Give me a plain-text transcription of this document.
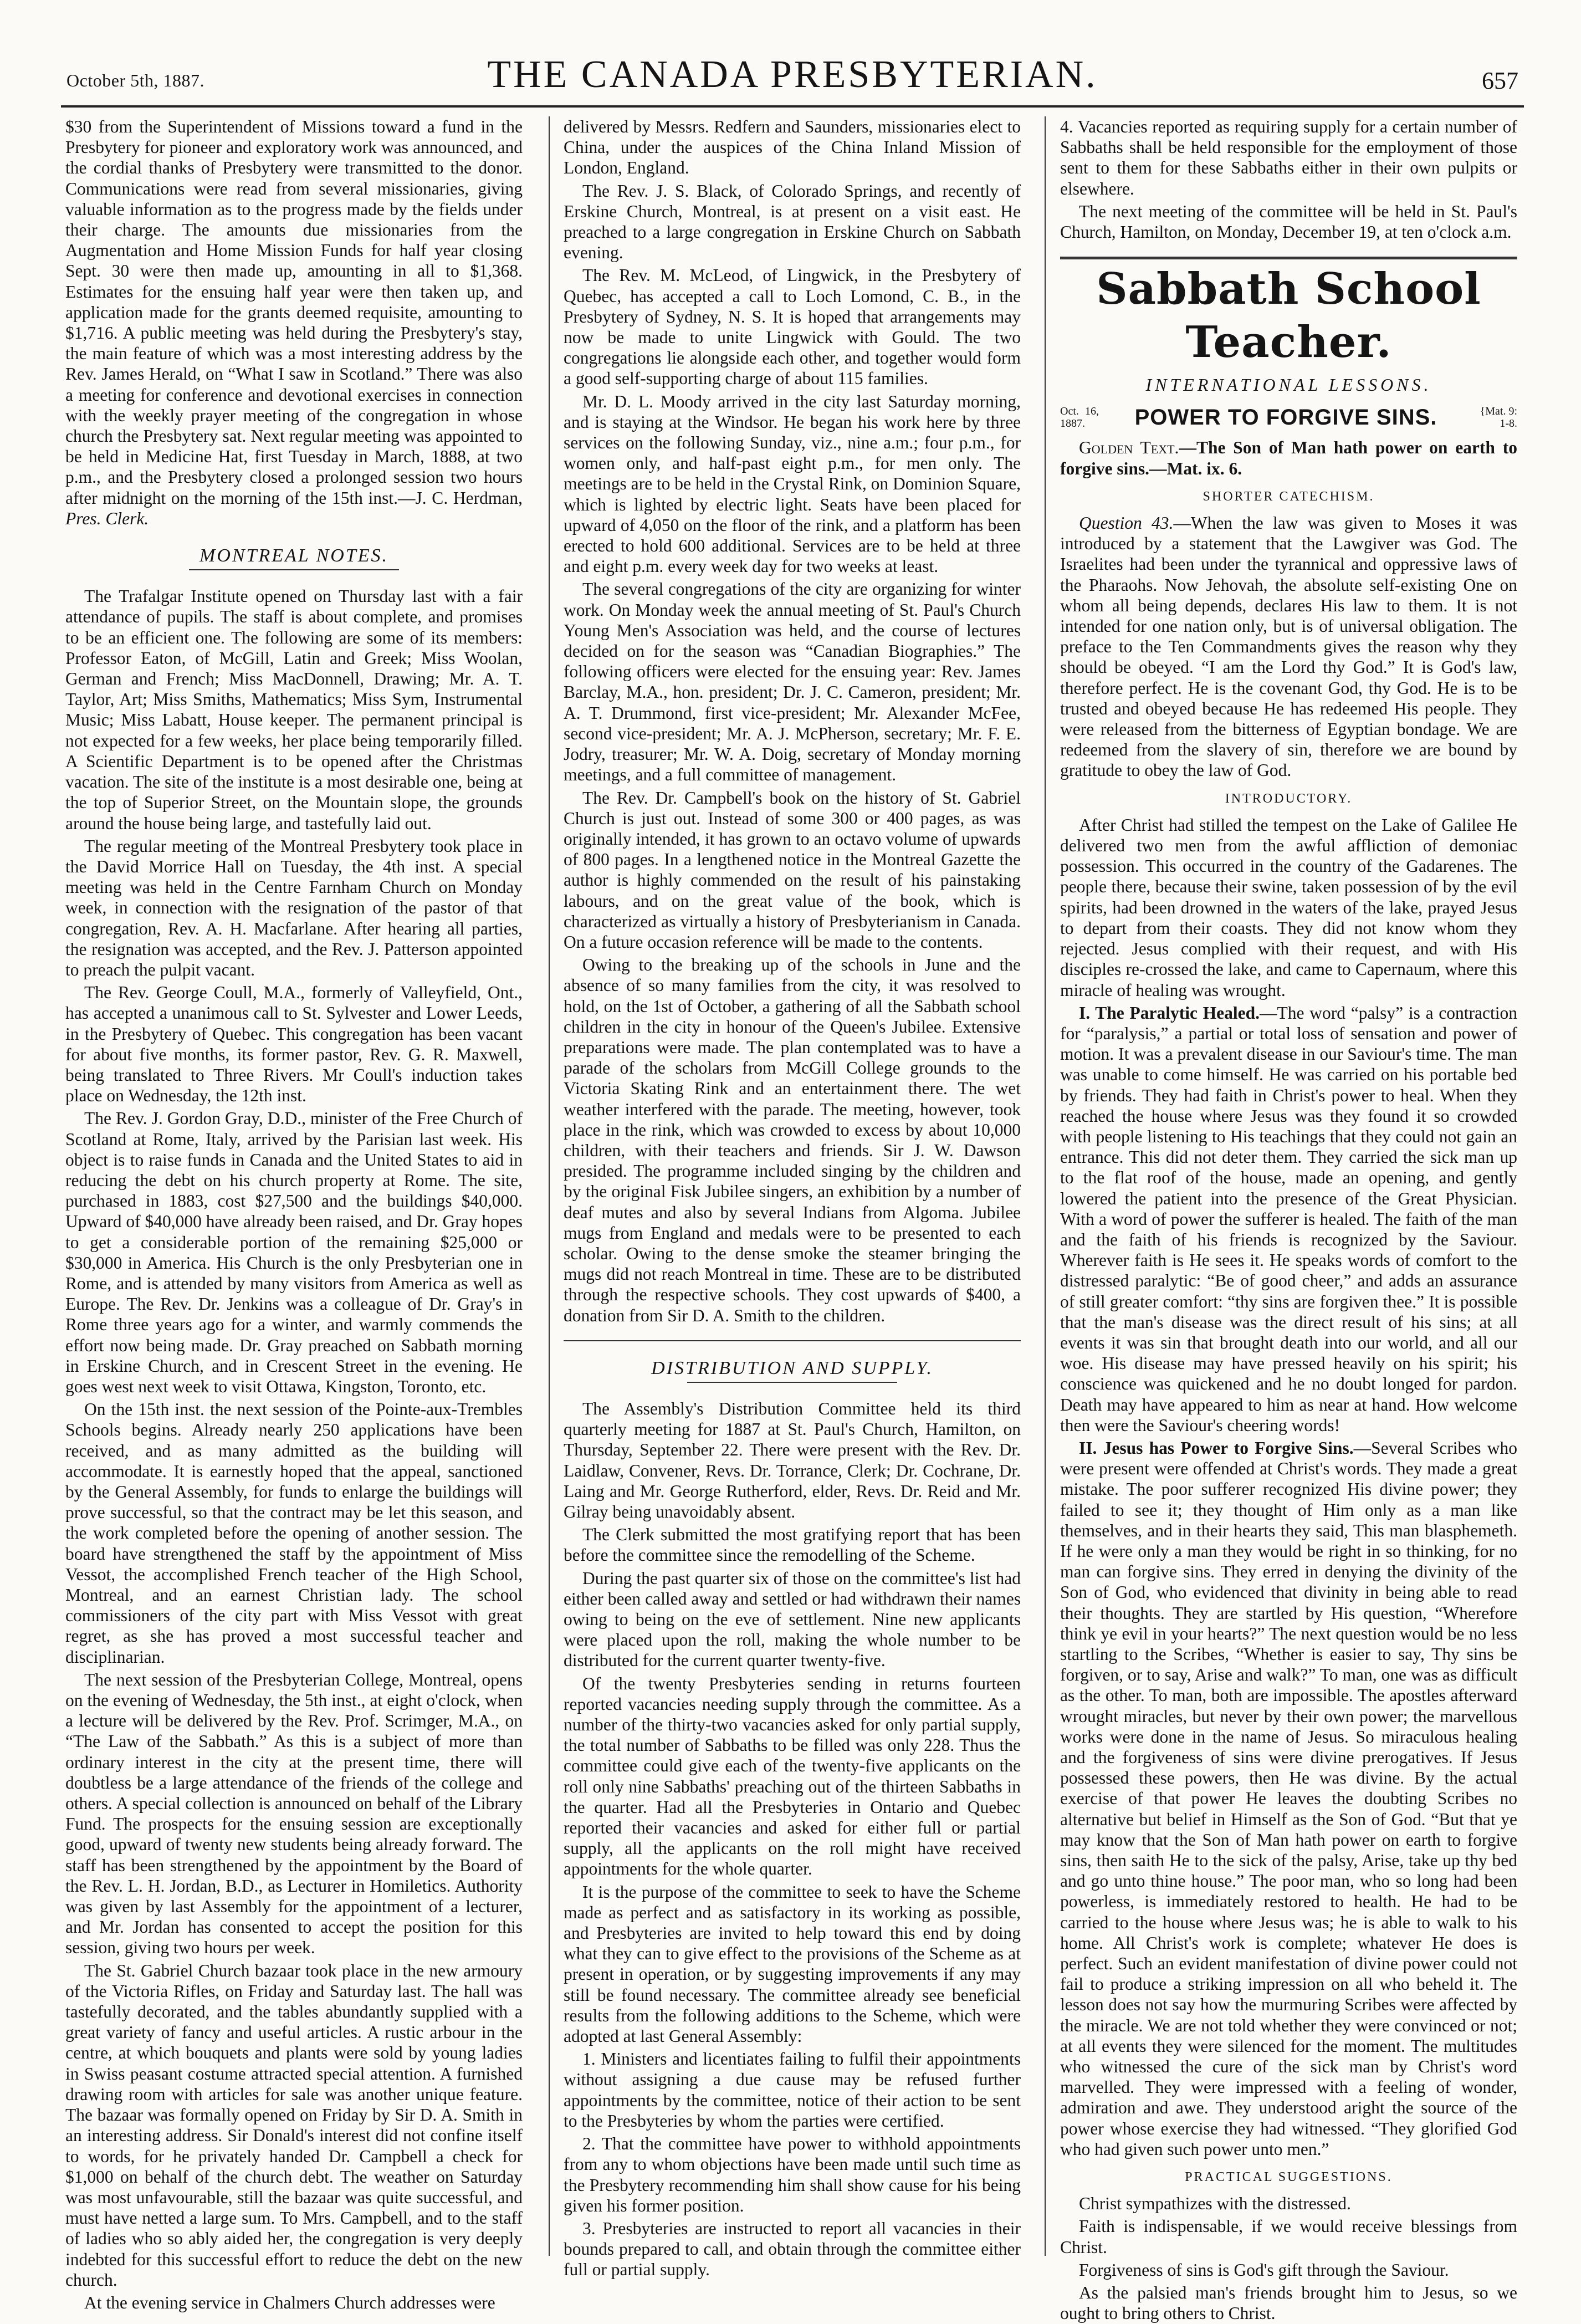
October 5th, 1887.	THE CANADA PRESBYTERIAN.	657

$30 from the Superintendent of Missions toward a fund in the Presbytery for pioneer and exploratory work was announced, and the cordial thanks of Presbytery were transmitted to the donor. Communications were read from several missionaries, giving valuable information as to the progress made by the fields under their charge. The amounts due missionaries from the Augmentation and Home Mission Funds for half year closing Sept. 30 were then made up, amounting in all to $1,368. Estimates for the ensuing half year were then taken up, and application made for the grants deemed requisite, amounting to $1,716. A public meeting was held during the Presbytery's stay, the main feature of which was a most interesting address by the Rev. James Herald, on “What I saw in Scotland.” There was also a meeting for conference and devotional exercises in connection with the weekly prayer meeting of the congregation in whose church the Presbytery sat. Next regular meeting was appointed to be held in Medicine Hat, first Tuesday in March, 1888, at two p.m., and the Presbytery closed a prolonged session two hours after midnight on the morning of the 15th inst.—J. C. Herdman, Pres. Clerk.

MONTREAL NOTES.

The Trafalgar Institute opened on Thursday last with a fair attendance of pupils. The staff is about complete, and promises to be an efficient one. The following are some of its members: Professor Eaton, of McGill, Latin and Greek; Miss Woolan, German and French; Miss MacDonnell, Drawing; Mr. A. T. Taylor, Art; Miss Smiths, Mathematics; Miss Sym, Instrumental Music; Miss Labatt, House keeper. The permanent principal is not expected for a few weeks, her place being temporarily filled. A Scientific Department is to be opened after the Christmas vacation. The site of the institute is a most desirable one, being at the top of Superior Street, on the Mountain slope, the grounds around the house being large, and tastefully laid out.

The regular meeting of the Montreal Presbytery took place in the David Morrice Hall on Tuesday, the 4th inst. A special meeting was held in the Centre Farnham Church on Monday week, in connection with the resignation of the pastor of that congregation, Rev. A. H. Macfarlane. After hearing all parties, the resignation was accepted, and the Rev. J. Patterson appointed to preach the pulpit vacant.

The Rev. George Coull, M.A., formerly of Valleyfield, Ont., has accepted a unanimous call to St. Sylvester and Lower Leeds, in the Presbytery of Quebec. This congregation has been vacant for about five months, its former pastor, Rev. G. R. Maxwell, being translated to Three Rivers. Mr Coull's induction takes place on Wednesday, the 12th inst.

The Rev. J. Gordon Gray, D.D., minister of the Free Church of Scotland at Rome, Italy, arrived by the Parisian last week. His object is to raise funds in Canada and the United States to aid in reducing the debt on his church property at Rome. The site, purchased in 1883, cost $27,500 and the buildings $40,000. Upward of $40,000 have already been raised, and Dr. Gray hopes to get a considerable portion of the remaining $25,000 or $30,000 in America. His Church is the only Presbyterian one in Rome, and is attended by many visitors from America as well as Europe. The Rev. Dr. Jenkins was a colleague of Dr. Gray's in Rome three years ago for a winter, and warmly commends the effort now being made. Dr. Gray preached on Sabbath morning in Erskine Church, and in Crescent Street in the evening. He goes west next week to visit Ottawa, Kingston, Toronto, etc.

On the 15th inst. the next session of the Pointe-aux-Trembles Schools begins. Already nearly 250 applications have been received, and as many admitted as the building will accommodate. It is earnestly hoped that the appeal, sanctioned by the General Assembly, for funds to enlarge the buildings will prove successful, so that the contract may be let this season, and the work completed before the opening of another session. The board have strengthened the staff by the appointment of Miss Vessot, the accomplished French teacher of the High School, Montreal, and an earnest Christian lady. The school commissioners of the city part with Miss Vessot with great regret, as she has proved a most successful teacher and disciplinarian.

The next session of the Presbyterian College, Montreal, opens on the evening of Wednesday, the 5th inst., at eight o'clock, when a lecture will be delivered by the Rev. Prof. Scrimger, M.A., on “The Law of the Sabbath.” As this is a subject of more than ordinary interest in the city at the present time, there will doubtless be a large attendance of the friends of the college and others. A special collection is announced on behalf of the Library Fund. The prospects for the ensuing session are exceptionally good, upward of twenty new students being already forward. The staff has been strengthened by the appointment by the Board of the Rev. L. H. Jordan, B.D., as Lecturer in Homiletics. Authority was given by last Assembly for the appointment of a lecturer, and Mr. Jordan has consented to accept the position for this session, giving two hours per week.

The St. Gabriel Church bazaar took place in the new armoury of the Victoria Rifles, on Friday and Saturday last. The hall was tastefully decorated, and the tables abundantly supplied with a great variety of fancy and useful articles. A rustic arbour in the centre, at which bouquets and plants were sold by young ladies in Swiss peasant costume attracted special attention. A furnished drawing room with articles for sale was another unique feature. The bazaar was formally opened on Friday by Sir D. A. Smith in an interesting address. Sir Donald's interest did not confine itself to words, for he privately handed Dr. Campbell a check for $1,000 on behalf of the church debt. The weather on Saturday was most unfavourable, still the bazaar was quite successful, and must have netted a large sum. To Mrs. Campbell, and to the staff of ladies who so ably aided her, the congregation is very deeply indebted for this successful effort to reduce the debt on the new church.

At the evening service in Chalmers Church addresses were

delivered by Messrs. Redfern and Saunders, missionaries elect to China, under the auspices of the China Inland Mission of London, England.

The Rev. J. S. Black, of Colorado Springs, and recently of Erskine Church, Montreal, is at present on a visit east. He preached to a large congregation in Erskine Church on Sabbath evening.

The Rev. M. McLeod, of Lingwick, in the Presbytery of Quebec, has accepted a call to Loch Lomond, C. B., in the Presbytery of Sydney, N. S. It is hoped that arrangements may now be made to unite Lingwick with Gould. The two congregations lie alongside each other, and together would form a good self-supporting charge of about 115 families.

Mr. D. L. Moody arrived in the city last Saturday morning, and is staying at the Windsor. He began his work here by three services on the following Sunday, viz., nine a.m.; four p.m., for women only, and half-past eight p.m., for men only. The meetings are to be held in the Crystal Rink, on Dominion Square, which is lighted by electric light. Seats have been placed for upward of 4,050 on the floor of the rink, and a platform has been erected to hold 600 additional. Services are to be held at three and eight p.m. every week day for two weeks at least.

The several congregations of the city are organizing for winter work. On Monday week the annual meeting of St. Paul's Church Young Men's Association was held, and the course of lectures decided on for the season was “Canadian Biographies.” The following officers were elected for the ensuing year: Rev. James Barclay, M.A., hon. president; Dr. J. C. Cameron, president; Mr. A. T. Drummond, first vice-president; Mr. Alexander McFee, second vice-president; Mr. A. J. McPherson, secretary; Mr. F. E. Jodry, treasurer; Mr. W. A. Doig, secretary of Monday morning meetings, and a full committee of management.

The Rev. Dr. Campbell's book on the history of St. Gabriel Church is just out. Instead of some 300 or 400 pages, as was originally intended, it has grown to an octavo volume of upwards of 800 pages. In a lengthened notice in the Montreal Gazette the author is highly commended on the result of his painstaking labours, and on the great value of the book, which is characterized as virtually a history of Presbyterianism in Canada. On a future occasion reference will be made to the contents.

Owing to the breaking up of the schools in June and the absence of so many families from the city, it was resolved to hold, on the 1st of October, a gathering of all the Sabbath school children in the city in honour of the Queen's Jubilee. Extensive preparations were made. The plan contemplated was to have a parade of the scholars from McGill College grounds to the Victoria Skating Rink and an entertainment there. The wet weather interfered with the parade. The meeting, however, took place in the rink, which was crowded to excess by about 10,000 children, with their teachers and friends. Sir J. W. Dawson presided. The programme included singing by the children and by the original Fisk Jubilee singers, an exhibition by a number of deaf mutes and also by several Indians from Algoma. Jubilee mugs from England and medals were to be presented to each scholar. Owing to the dense smoke the steamer bringing the mugs did not reach Montreal in time. These are to be distributed through the respective schools. They cost upwards of $400, a donation from Sir D. A. Smith to the children.

DISTRIBUTION AND SUPPLY.

The Assembly's Distribution Committee held its third quarterly meeting for 1887 at St. Paul's Church, Hamilton, on Thursday, September 22. There were present with the Rev. Dr. Laidlaw, Convener, Revs. Dr. Torrance, Clerk; Dr. Cochrane, Dr. Laing and Mr. George Rutherford, elder, Revs. Dr. Reid and Mr. Gilray being unavoidably absent.

The Clerk submitted the most gratifying report that has been before the committee since the remodelling of the Scheme.

During the past quarter six of those on the committee's list had either been called away and settled or had withdrawn their names owing to being on the eve of settlement. Nine new applicants were placed upon the roll, making the whole number to be distributed for the current quarter twenty-five.

Of the twenty Presbyteries sending in returns fourteen reported vacancies needing supply through the committee. As a number of the thirty-two vacancies asked for only partial supply, the total number of Sabbaths to be filled was only 228. Thus the committee could give each of the twenty-five applicants on the roll only nine Sabbaths' preaching out of the thirteen Sabbaths in the quarter. Had all the Presbyteries in Ontario and Quebec reported their vacancies and asked for either full or partial supply, all the applicants on the roll might have received appointments for the whole quarter.

It is the purpose of the committee to seek to have the Scheme made as perfect and as satisfactory in its working as possible, and Presbyteries are invited to help toward this end by doing what they can to give effect to the provisions of the Scheme as at present in operation, or by suggesting improvements if any may still be found necessary. The committee already see beneficial results from the following additions to the Scheme, which were adopted at last General Assembly:

1. Ministers and licentiates failing to fulfil their appointments without assigning a due cause may be refused further appointments by the committee, notice of their action to be sent to the Presbyteries by whom the parties were certified.

2. That the committee have power to withhold appointments from any to whom objections have been made until such time as the Presbytery recommending him shall show cause for his being given his former position.

3. Presbyteries are instructed to report all vacancies in their bounds prepared to call, and obtain through the committee either full or partial supply.

4. Vacancies reported as requiring supply for a certain number of Sabbaths shall be held responsible for the employment of those sent to them for these Sabbaths either in their own pulpits or elsewhere.

The next meeting of the committee will be held in St. Paul's Church, Hamilton, on Monday, December 19, at ten o'clock a.m.

Sabbath School Teacher.
INTERNATIONAL LESSONS.
Oct. 16, 1887.	POWER TO FORGIVE SINS.	{Mat. 9: 1-8.

Golden Text.—The Son of Man hath power on earth to forgive sins.—Mat. ix. 6.

SHORTER CATECHISM.

Question 43.—When the law was given to Moses it was introduced by a statement that the Lawgiver was God. The Israelites had been under the tyrannical and oppressive laws of the Pharaohs. Now Jehovah, the absolute self-existing One on whom all being depends, declares His law to them. It is not intended for one nation only, but is of universal obligation. The preface to the Ten Commandments gives the reason why they should be obeyed. “I am the Lord thy God.” It is God's law, therefore perfect. He is the covenant God, thy God. He is to be trusted and obeyed because He has redeemed His people. They were released from the bitterness of Egyptian bondage. We are redeemed from the slavery of sin, therefore we are bound by gratitude to obey the law of God.

INTRODUCTORY.

After Christ had stilled the tempest on the Lake of Galilee He delivered two men from the awful affliction of demoniac possession. This occurred in the country of the Gadarenes. The people there, because their swine, taken possession of by the evil spirits, had been drowned in the waters of the lake, prayed Jesus to depart from their coasts. They did not know whom they rejected. Jesus complied with their request, and with His disciples re-crossed the lake, and came to Capernaum, where this miracle of healing was wrought.

I. The Paralytic Healed.—The word “palsy” is a contraction for “paralysis,” a partial or total loss of sensation and power of motion. It was a prevalent disease in our Saviour's time. The man was unable to come himself. He was carried on his portable bed by friends. They had faith in Christ's power to heal. When they reached the house where Jesus was they found it so crowded with people listening to His teachings that they could not gain an entrance. This did not deter them. They carried the sick man up to the flat roof of the house, made an opening, and gently lowered the patient into the presence of the Great Physician. With a word of power the sufferer is healed. The faith of the man and the faith of his friends is recognized by the Saviour. Wherever faith is He sees it. He speaks words of comfort to the distressed paralytic: “Be of good cheer,” and adds an assurance of still greater comfort: “thy sins are forgiven thee.” It is possible that the man's disease was the direct result of his sins; at all events it was sin that brought death into our world, and all our woe. His disease may have pressed heavily on his spirit; his conscience was quickened and he no doubt longed for pardon. Death may have appeared to him as near at hand. How welcome then were the Saviour's cheering words!

II. Jesus has Power to Forgive Sins.—Several Scribes who were present were offended at Christ's words. They made a great mistake. The poor sufferer recognized His divine power; they failed to see it; they thought of Him only as a man like themselves, and in their hearts they said, This man blasphemeth. If he were only a man they would be right in so thinking, for no man can forgive sins. They erred in denying the divinity of the Son of God, who evidenced that divinity in being able to read their thoughts. They are startled by His question, “Wherefore think ye evil in your hearts?” The next question would be no less startling to the Scribes, “Whether is easier to say, Thy sins be forgiven, or to say, Arise and walk?” To man, one was as difficult as the other. To man, both are impossible. The apostles afterward wrought miracles, but never by their own power; the marvellous works were done in the name of Jesus. So miraculous healing and the forgiveness of sins were divine prerogatives. If Jesus possessed these powers, then He was divine. By the actual exercise of that power He leaves the doubting Scribes no alternative but belief in Himself as the Son of God. “But that ye may know that the Son of Man hath power on earth to forgive sins, then saith He to the sick of the palsy, Arise, take up thy bed and go unto thine house.” The poor man, who so long had been powerless, is immediately restored to health. He had to be carried to the house where Jesus was; he is able to walk to his home. All Christ's work is complete; whatever He does is perfect. Such an evident manifestation of divine power could not fail to produce a striking impression on all who beheld it. The lesson does not say how the murmuring Scribes were affected by the miracle. We are not told whether they were convinced or not; at all events they were silenced for the moment. The multitudes who witnessed the cure of the sick man by Christ's word marvelled. They were impressed with a feeling of wonder, admiration and awe. They understood aright the source of the power whose exercise they had witnessed. “They glorified God who had given such power unto men.”

PRACTICAL SUGGESTIONS.
Christ sympathizes with the distressed.
Faith is indispensable, if we would receive blessings from Christ.
Forgiveness of sins is God's gift through the Saviour.
As the palsied man's friends brought him to Jesus, so we ought to bring others to Christ.
